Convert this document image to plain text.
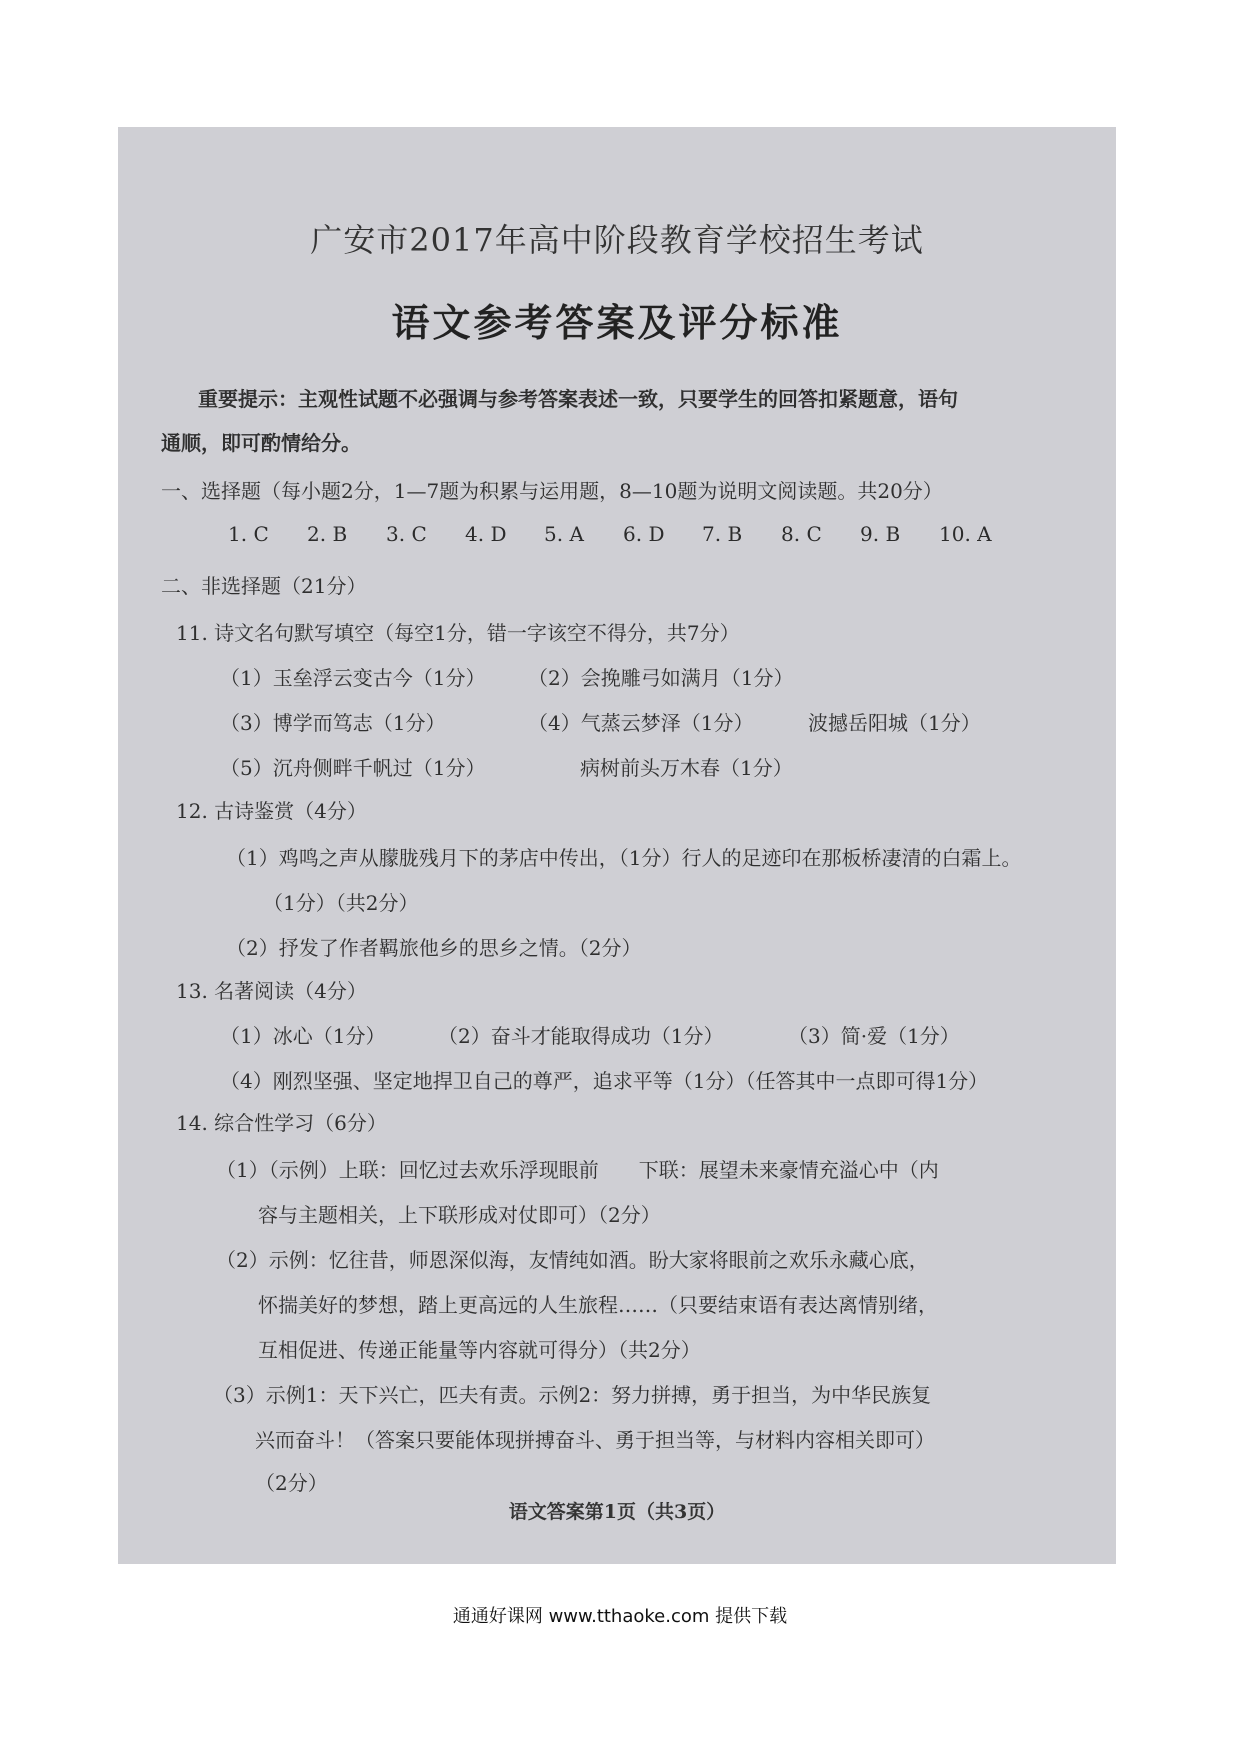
广安市2017年高中阶段教育学校招生考试
语文参考答案及评分标准
重要提示：主观性试题不必强调与参考答案表述一致，只要学生的回答扣紧题意，语句
通顺，即可酌情给分。
一、选择题（每小题2分，1—7题为积累与运用题，8—10题为说明文阅读题。共20分）
1. C 2. B 3. C 4. D 5. A 6. D 7. B 8. C 9. B 10. A
二、非选择题（21分）
11. 诗文名句默写填空（每空1分，错一字该空不得分，共7分）
（1）玉垒浮云变古今（1分） （2）会挽雕弓如满月（1分）
（3）博学而笃志（1分）	（4）气蒸云梦泽（1分）	波撼岳阳城（1分）
（5）沉舟侧畔千帆过（1分）	病树前头万木春（1分）
12. 古诗鉴赏（4分）
（1）鸡鸣之声从朦胧残月下的茅店中传出，（1分）行人的足迹印在那板桥凄清的白霜上。
（1分）（共2分）
（2）抒发了作者羁旅他乡的思乡之情。（2分）
13. 名著阅读（4分）
（1）冰心（1分）	（2）奋斗才能取得成功（1分）	（3）简·爱（1分）
（4）刚烈坚强、坚定地捍卫自己的尊严，追求平等（1分）（任答其中一点即可得1分）
14. 综合性学习（6分）
（1）（示例）上联：回忆过去欢乐浮现眼前　　下联：展望未来豪情充溢心中（内
容与主题相关，上下联形成对仗即可）（2分）
（2）示例：忆往昔，师恩深似海，友情纯如酒。盼大家将眼前之欢乐永藏心底，
怀揣美好的梦想，踏上更高远的人生旅程……（只要结束语有表达离情别绪，
互相促进、传递正能量等内容就可得分）（共2分）
（3）示例1：天下兴亡，匹夫有责。示例2：努力拼搏，勇于担当，为中华民族复
兴而奋斗！（答案只要能体现拼搏奋斗、勇于担当等，与材料内容相关即可）
（2分）
语文答案第1页（共3页）
通通好课网 www.tthaoke.com 提供下载
